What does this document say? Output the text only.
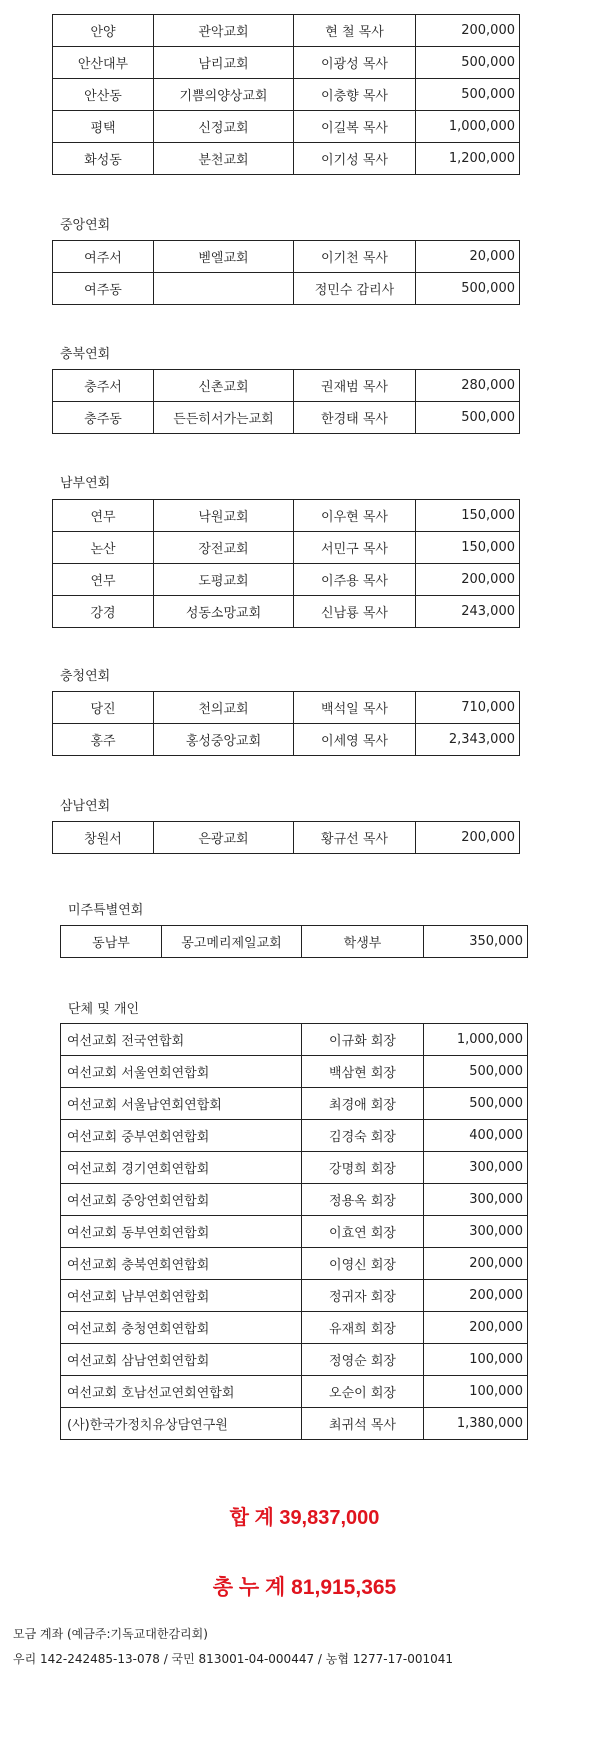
안양	관악교회	현 철 목사	200,000
안산대부	남리교회	이광성 목사	500,000
안산동	기쁨의양상교회	이충향 목사	500,000
평택	신정교회	이길복 목사	1,000,000
화성동	분천교회	이기성 목사	1,200,000
중앙연회
여주서	벧엘교회	이기천 목사	20,000
여주동		정민수 감리사	500,000
충북연회
충주서	신촌교회	권재범 목사	280,000
충주동	든든히서가는교회	한경태 목사	500,000
남부연회
연무	낙원교회	이우현 목사	150,000
논산	장전교회	서민구 목사	150,000
연무	도평교회	이주용 목사	200,000
강경	성동소망교회	신남룡 목사	243,000
충청연회
당진	천의교회	백석일 목사	710,000
홍주	홍성중앙교회	이세영 목사	2,343,000
삼남연회
창원서	은광교회	황규선 목사	200,000
미주특별연회
동남부	몽고메리제일교회	학생부	350,000
단체 및 개인
여선교회 전국연합회	이규화 회장	1,000,000
여선교회 서울연회연합회	백삼현 회장	500,000
여선교회 서울남연회연합회	최경애 회장	500,000
여선교회 중부연회연합회	김경숙 회장	400,000
여선교회 경기연회연합회	강명희 회장	300,000
여선교회 중앙연회연합회	정용옥 회장	300,000
여선교회 동부연회연합회	이효연 회장	300,000
여선교회 충북연회연합회	이영신 회장	200,000
여선교회 남부연회연합회	정귀자 회장	200,000
여선교회 충청연회연합회	유재희 회장	200,000
여선교회 삼남연회연합회	정영순 회장	100,000
여선교회 호남선교연회연합회	오순이 회장	100,000
(사)한국가정치유상담연구원	최귀석 목사	1,380,000
합 계 39,837,000
총 누 계 81,915,365
모금 계좌 (예금주:기독교대한감리회)
우리 142-242485-13-078 / 국민 813001-04-000447 / 농협 1277-17-001041
